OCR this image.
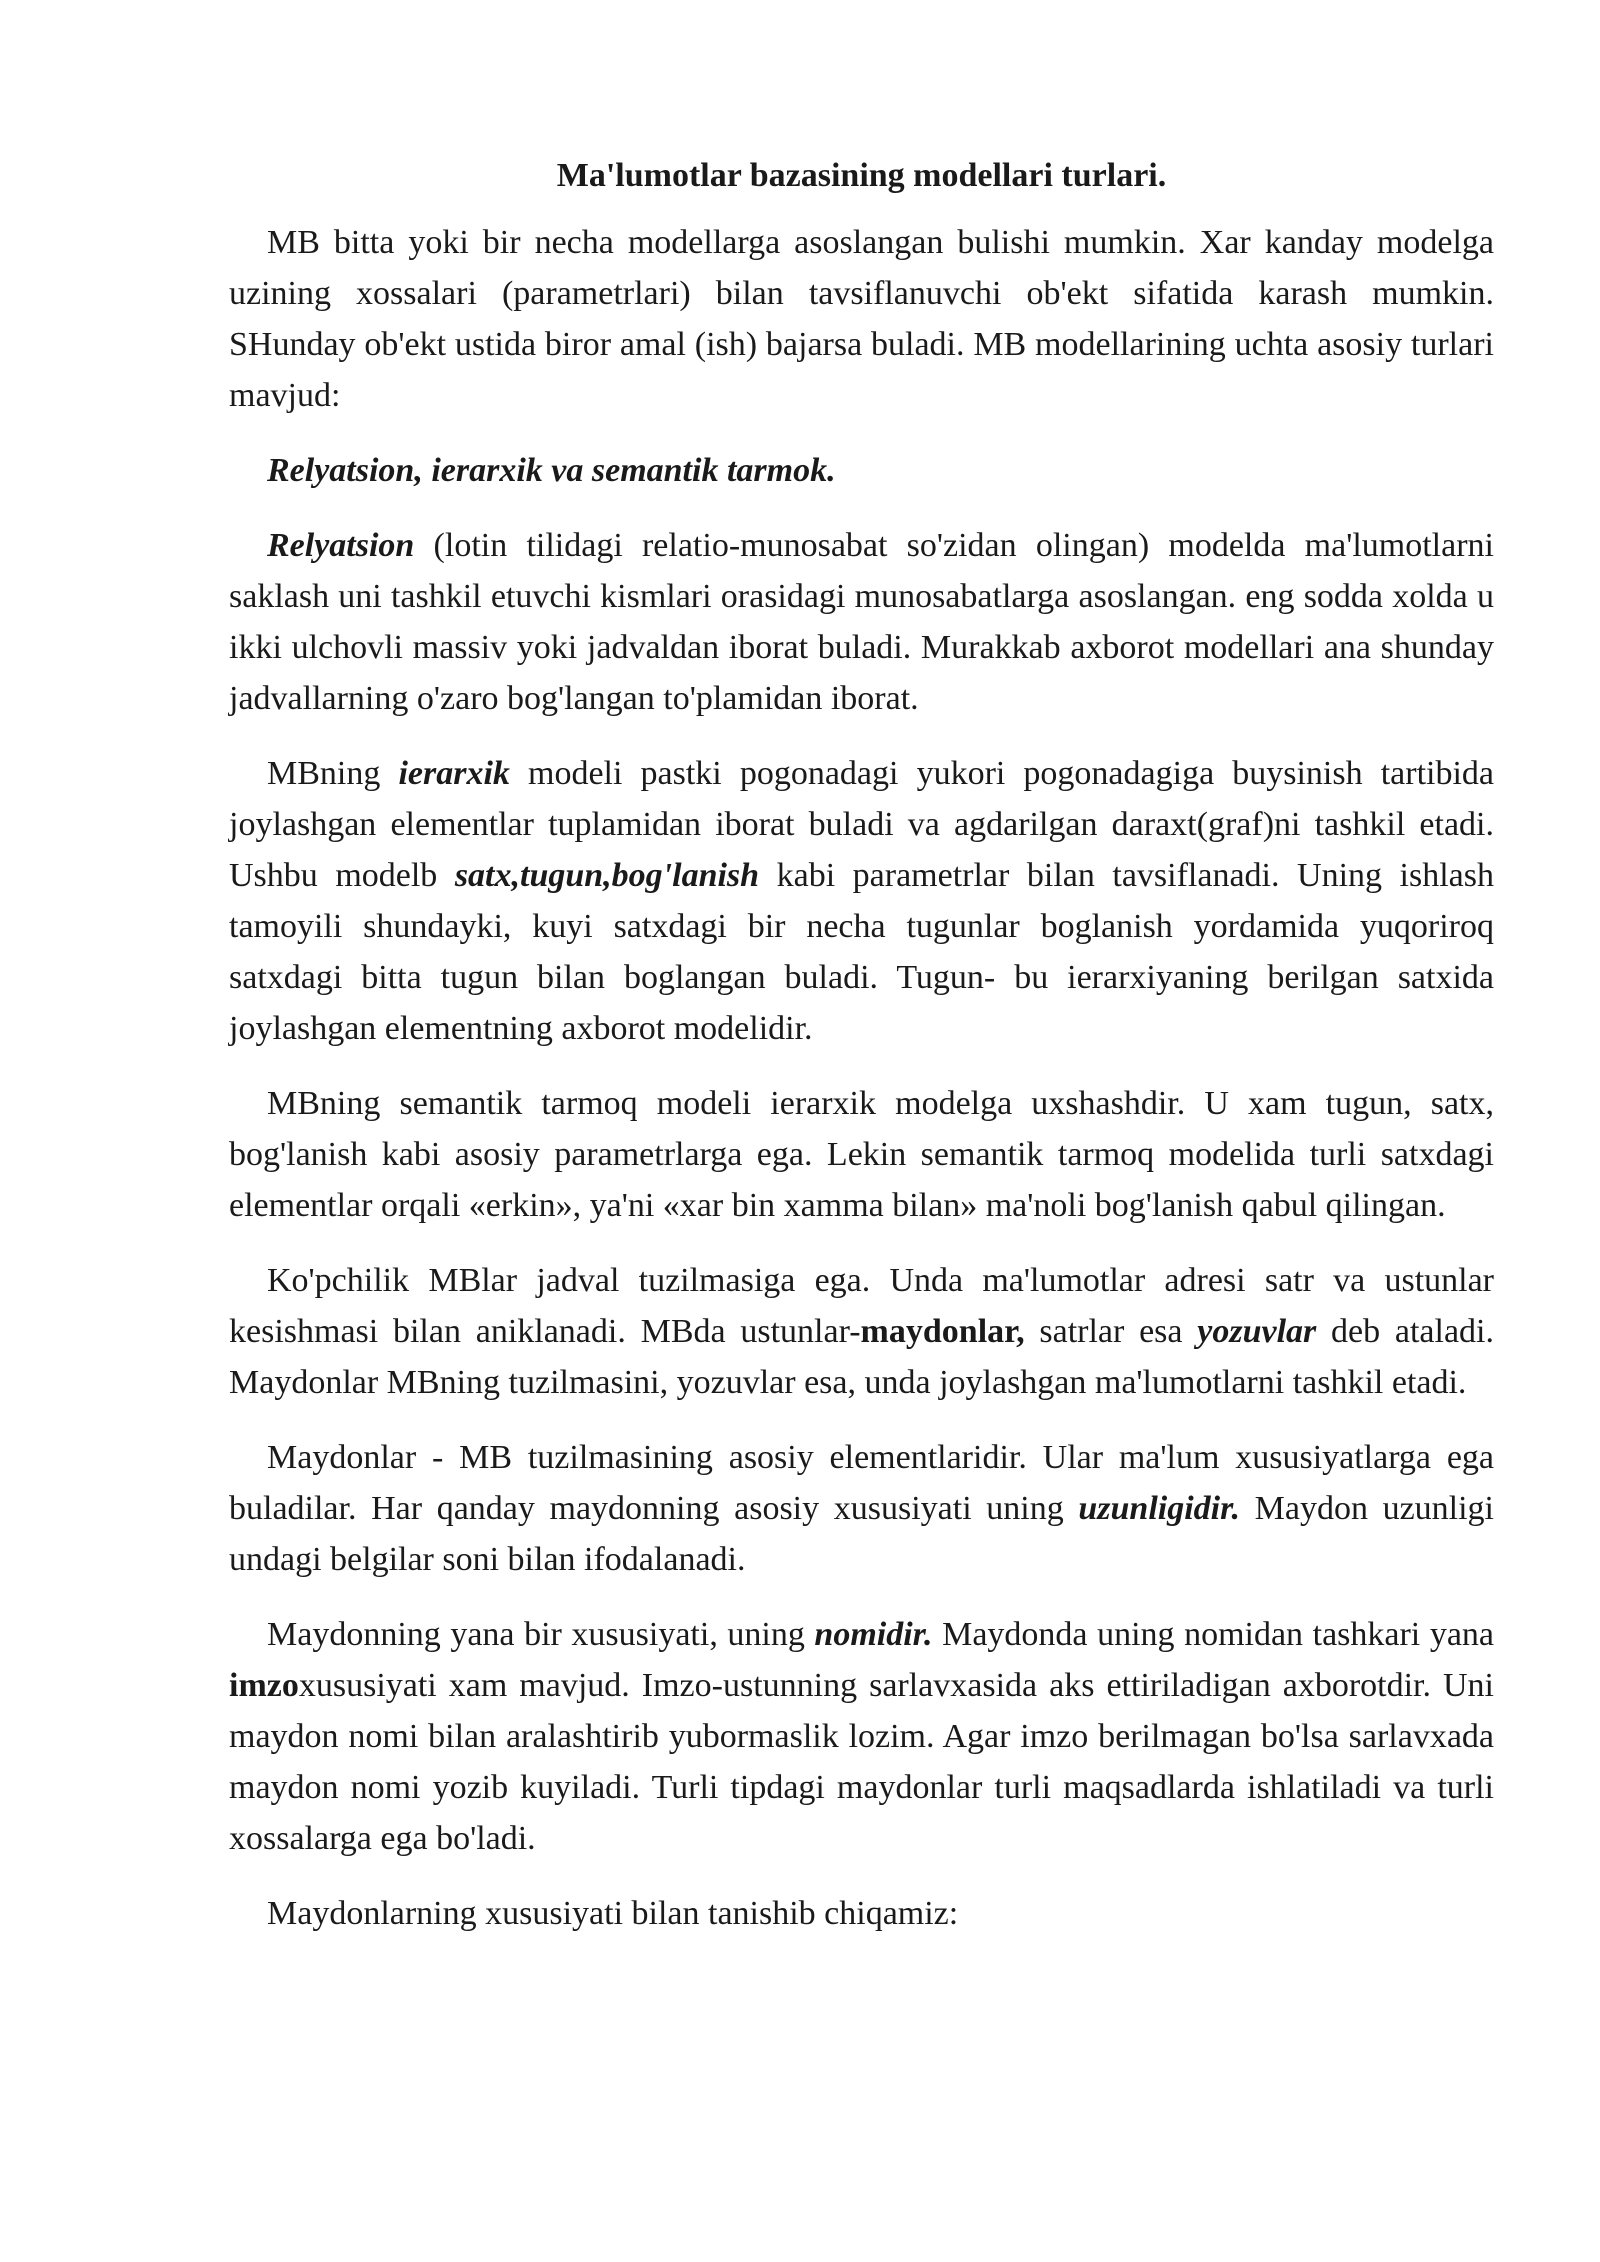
Ma'lumotlar bazasining modellari turlari.

MB bitta yoki bir necha modellarga asoslangan bulishi mumkin. Xar kanday modelga uzining xossalari (parametrlari) bilan tavsiflanuvchi ob'ekt sifatida karash mumkin. SHunday ob'ekt ustida biror amal (ish) bajarsa buladi. MB modellarining uchta asosiy turlari mavjud:

Relyatsion, ierarxik va semantik tarmok.

Relyatsion (lotin tilidagi relatio-munosabat so'zidan olingan) modelda ma'lumotlarni saklash uni tashkil etuvchi kismlari orasidagi munosabatlarga asoslangan. eng sodda xolda u ikki ulchovli massiv yoki jadvaldan iborat buladi. Murakkab axborot modellari ana shunday jadvallarning o'zaro bog'langan to'plamidan iborat.

MBning ierarxik modeli pastki pogonadagi yukori pogonadagiga buysinish tartibida joylashgan elementlar tuplamidan iborat buladi va agdarilgan daraxt(graf)ni tashkil etadi. Ushbu modelb satx,tugun,bog'lanish kabi parametrlar bilan tavsiflanadi. Uning ishlash tamoyili shundayki, kuyi satxdagi bir necha tugunlar boglanish yordamida yuqoriroq satxdagi bitta tugun bilan boglangan buladi. Tugun- bu ierarxiyaning berilgan satxida joylashgan elementning axborot modelidir.

MBning semantik tarmoq modeli ierarxik modelga uxshashdir. U xam tugun, satx, bog'lanish kabi asosiy parametrlarga ega. Lekin semantik tarmoq modelida turli satxdagi elementlar orqali «erkin», ya'ni «xar bin xamma bilan» ma'noli bog'lanish qabul qilingan.

Ko'pchilik MBlar jadval tuzilmasiga ega. Unda ma'lumotlar adresi satr va ustunlar kesishmasi bilan aniklanadi. MBda ustunlar-maydonlar, satrlar esa yozuvlar deb ataladi. Maydonlar MBning tuzilmasini, yozuvlar esa, unda joylashgan ma'lumotlarni tashkil etadi.

Maydonlar - MB tuzilmasining asosiy elementlaridir. Ular ma'lum xususiyatlarga ega buladilar. Har qanday maydonning asosiy xususiyati uning uzunligidir. Maydon uzunligi undagi belgilar soni bilan ifodalanadi.

Maydonning yana bir xususiyati, uning nomidir. Maydonda uning nomidan tashkari yana imzoxususiyati xam mavjud. Imzo-ustunning sarlavxasida aks ettiriladigan axborotdir. Uni maydon nomi bilan aralashtirib yubormaslik lozim. Agar imzo berilmagan bo'lsa sarlavxada maydon nomi yozib kuyiladi. Turli tipdagi maydonlar turli maqsadlarda ishlatiladi va turli xossalarga ega bo'ladi.

Maydonlarning xususiyati bilan tanishib chiqamiz:
